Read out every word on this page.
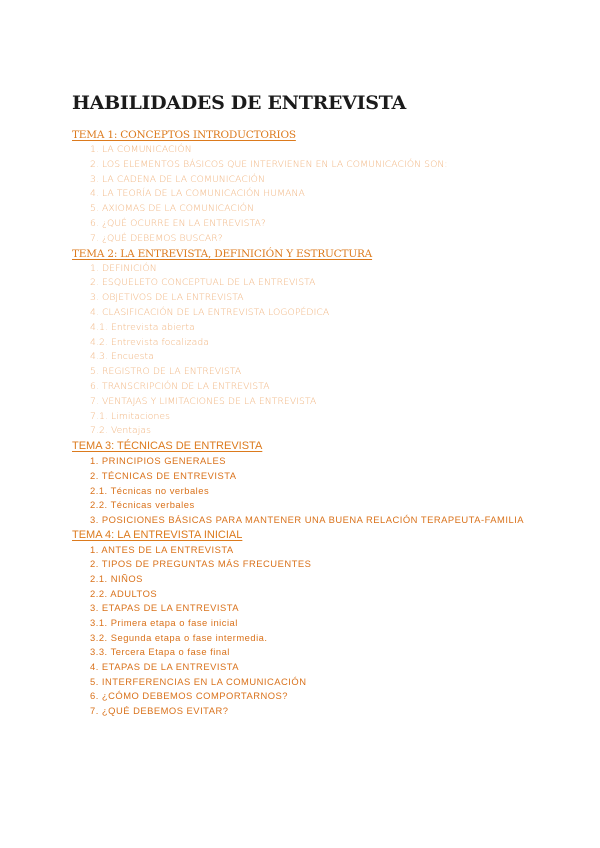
HABILIDADES DE ENTREVISTA
TEMA 1: CONCEPTOS INTRODUCTORIOS
1. LA COMUNICACIÓN
2. LOS ELEMENTOS BÁSICOS QUE INTERVIENEN EN LA COMUNICACIÓN SON:
3. LA CADENA DE LA COMUNICACIÓN
4. LA TEORÍA DE LA COMUNICACIÓN HUMANA
5. AXIOMAS DE LA COMUNICACIÓN
6. ¿QUÉ OCURRE EN LA ENTREVISTA?
7. ¿QUÉ DEBEMOS BUSCAR?
TEMA 2: LA ENTREVISTA, DEFINICIÓN Y ESTRUCTURA
1. DEFINICIÓN
2. ESQUELETO CONCEPTUAL DE LA ENTREVISTA
3. OBJETIVOS DE LA ENTREVISTA
4. CLASIFICACIÓN DE LA ENTREVISTA LOGOPÉDICA
4.1. Entrevista abierta
4.2. Entrevista focalizada
4.3. Encuesta
5. REGISTRO DE LA ENTREVISTA
6. TRANSCRIPCIÓN DE LA ENTREVISTA
7. VENTAJAS Y LIMITACIONES DE LA ENTREVISTA
7.1. Limitaciones
7.2. Ventajas
TEMA 3: TÉCNICAS DE ENTREVISTA
1. PRINCIPIOS GENERALES
2. TÉCNICAS DE ENTREVISTA
2.1. Técnicas no verbales
2.2. Técnicas verbales
3. POSICIONES BÁSICAS PARA MANTENER UNA BUENA RELACIÓN TERAPEUTA-FAMILIA
TEMA 4: LA ENTREVISTA INICIAL
1. ANTES DE LA ENTREVISTA
2. TIPOS DE PREGUNTAS MÁS FRECUENTES
2.1. NIÑOS
2.2. ADULTOS
3. ETAPAS DE LA ENTREVISTA
3.1. Primera etapa o fase inicial
3.2. Segunda etapa o fase intermedia.
3.3. Tercera Etapa o fase final
4. ETAPAS DE LA ENTREVISTA
5. INTERFERENCIAS EN LA COMUNICACIÓN
6. ¿CÓMO DEBEMOS COMPORTARNOS?
7. ¿QUÉ DEBEMOS EVITAR?
